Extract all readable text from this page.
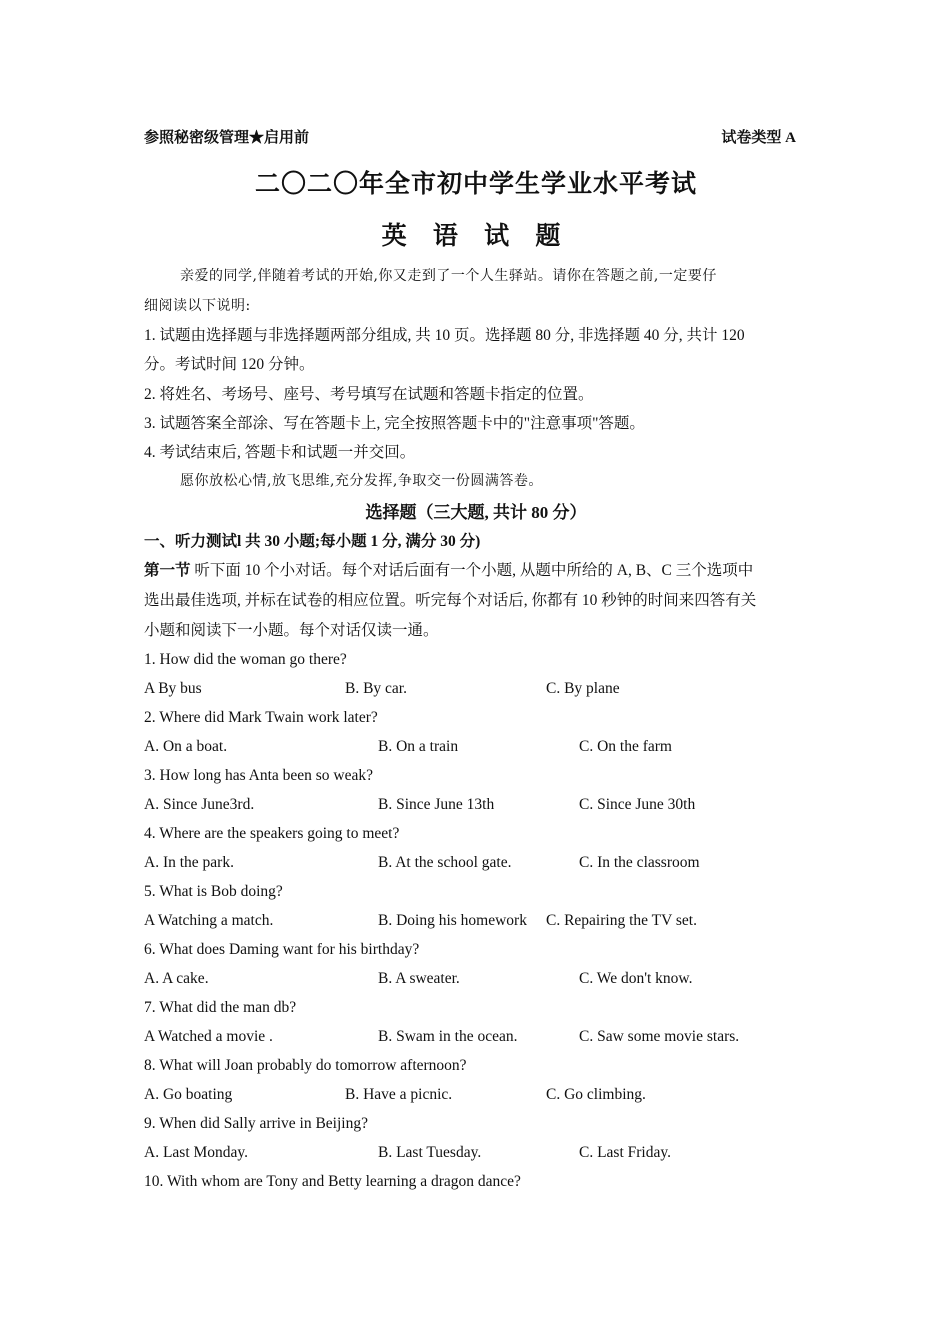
参照秘密级管理★启用前	试卷类型 A
二〇二〇年全市初中学生学业水平考试
英 语 试 题
亲爱的同学,伴随着考试的开始,你又走到了一个人生驿站。请你在答题之前,一定要仔
细阅读以下说明:
1. 试题由选择题与非选择题两部分组成, 共 10 页。选择题 80 分, 非选择题 40 分, 共计 120
分。考试时间 120 分钟。
2. 将姓名、考场号、座号、考号填写在试题和答题卡指定的位置。
3. 试题答案全部涂、写在答题卡上, 完全按照答题卡中的"注意事项"答题。
4. 考试结束后, 答题卡和试题一并交回。
愿你放松心情,放飞思维,充分发挥,争取交一份圆满答卷。
选择题（三大题, 共计 80 分）
一、听力测试l 共 30 小题;每小题 1 分, 满分 30 分)
第一节 听下面 10 个小对话。每个对话后面有一个小题, 从题中所给的 A, B、C 三个选项中
选出最佳选项, 并标在试卷的相应位置。听完每个对话后, 你都有 10 秒钟的时间来四答有关
小题和阅读下一小题。每个对话仅读一通。
1. How did the woman go there?
A By bus	B. By car.	C. By plane
2. Where did Mark Twain work later?
A. On a boat.	B. On a train	C. On the farm
3. How long has Anta been so weak?
A. Since June3rd.	B. Since June 13th	C. Since June 30th
4. Where are the speakers going to meet?
A. In the park.	B. At the school gate.	C. In the classroom
5. What is Bob doing?
A Watching a match.	B. Doing his homework C. Repairing the TV set.
6. What does Daming want for his birthday?
A. A cake.	B. A sweater.	C. We don't know.
7. What did the man db?
A Watched a movie .	B. Swam in the ocean.	C. Saw some movie stars.
8. What will Joan probably do tomorrow afternoon?
A. Go boating	B. Have a picnic.	C. Go climbing.
9. When did Sally arrive in Beijing?
A. Last Monday.	B. Last Tuesday.	C. Last Friday.
10. With whom are Tony and Betty learning a dragon dance?
